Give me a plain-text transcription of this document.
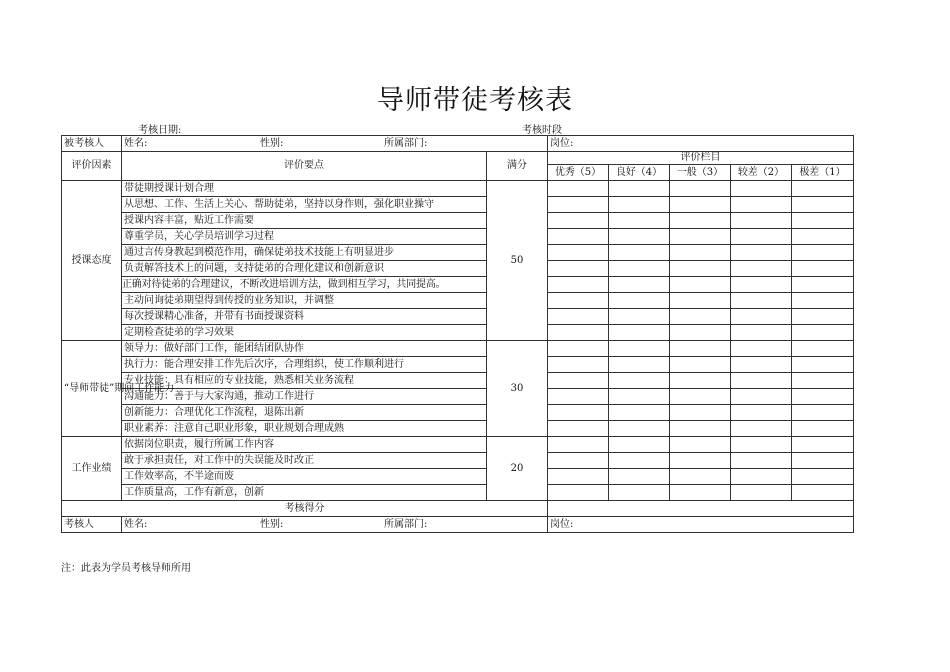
导师带徒考核表
考核日期:	考核时段
被考核人	姓名: 性别: 所属部门:		岗位:				
评价因素	评价要点	满分	评价栏目				
			优秀（5）	良好（4）	一般（3）	较差（2）	极差（1）
授课态度	带徒期授课计划合理	50					
	从思想、工作、生活上关心、帮助徒弟，坚持以身作则，强化职业操守						
	授课内容丰富，贴近工作需要						
	尊重学员，关心学员培训学习过程						
	通过言传身教起到模范作用，确保徒弟技术技能上有明显进步						
	负责解答技术上的问题，支持徒弟的合理化建议和创新意识						
	正确对待徒弟的合理建议，不断改进培训方法，做到相互学习，共同提高。						
	主动问询徒弟期望得到传授的业务知识，并调整						
	每次授课精心准备，并带有书面授课资料						
	定期检查徒弟的学习效果						
“导师带徒”期间工作能力	领导力：做好部门工作，能团结团队协作	30					
	执行力：能合理安排工作先后次序，合理组织，使工作顺利进行						
	专业技能：具有相应的专业技能，熟悉相关业务流程						
	沟通能力：善于与大家沟通，推动工作进行						
	创新能力：合理优化工作流程，退陈出新						
	职业素养：注意自己职业形象，职业规划合理成熟						
工作业绩	依据岗位职责，履行所属工作内容	20					
	敢于承担责任，对工作中的失误能及时改正						
	工作效率高，不半途而废						
	工作质量高，工作有新意，创新						
考核得分							
考核人	姓名: 性别: 所属部门:		岗位:				
注：此表为学员考核导师所用
